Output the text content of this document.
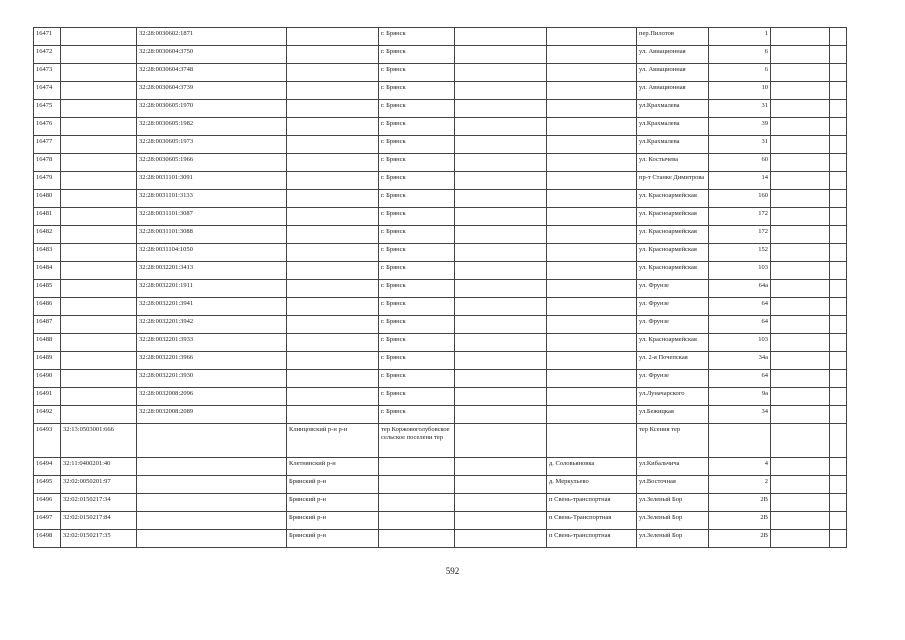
16471		32:28:0030602:1871		г. Брянск			пер.Пилотов	1		
16472		32:28:0030604:3750		г. Брянск			ул. Авиационная	6		
16473		32:28:0030604:3748		г. Брянск			ул. Авиационная	6		
16474		32:28:0030604:3739		г. Брянск			ул. Авиационная	10		
16475		32:28:0030605:1970		г. Брянск			ул.Крахмалева	31		
16476		32:28:0030605:1982		г. Брянск			ул.Крахмалева	39		
16477		32:28:0030605:1973		г. Брянск			ул.Крахмалева	31		
16478		32:28:0030605:1966		г. Брянск			ул. Костычева	60		
16479		32:28:0031101:3091		г. Брянск			пр-т Станке Димитрова	14		
16480		32:28:0031101:3133		г. Брянск			ул. Красноармейская	160		
16481		32:28:0031101:3087		г. Брянск			ул. Красноармейская	172		
16482		32:28:0031101:3088		г. Брянск			ул. Красноармейская	172		
16483		32:28:0031104:1050		г. Брянск			ул. Красноармейская	152		
16484		32:28:0032201:3413		г. Брянск			ул. Красноармейская	103		
16485		32:28:0032201:1911		г. Брянск			ул. Фрунзе	64а		
16486		32:28:0032201:3941		г. Брянск			ул. Фрунзе	64		
16487		32:28:0032201:3942		г. Брянск			ул. Фрунзе	64		
16488		32:28:0032201:3933		г. Брянск			ул. Красноармейская	103		
16489		32:28:0032201:3966		г. Брянск			ул. 2-я Почепская	34а		
16490		32:28:0032201:3930		г. Брянск			ул. Фрунзе	64		
16491		32:28:0032008:2096		г. Брянск			ул.Луначарского	9а		
16492		32:28:0032008:2089		г. Брянск			ул.Бежицкая	34		
16493	32:13:0503001:666		Клинцовский р-н р-н	тер Коржовоголубовское сельское поселени тер			тер Ксения тер			
16494	32:11:0400201:40		Клетнянский р-н			д. Соловьяновка	ул.Кибальчича	4		
16495	32:02:0050201:97		Брянский р-н			д. Меркульево	ул.Восточная	2		
16496	32:02:0150217:34		Брянский р-н			п Свень-транспортная	ул.Зеленый Бор	2В		
16497	32:02:0150217:84		Брянский р-н			п Свень-Транспортная	ул.Зеленый Бор	2В		
16498	32:02:0150217:35		Брянский р-н			п Свень-транспортная	ул.Зеленый Бор	2В		
592
